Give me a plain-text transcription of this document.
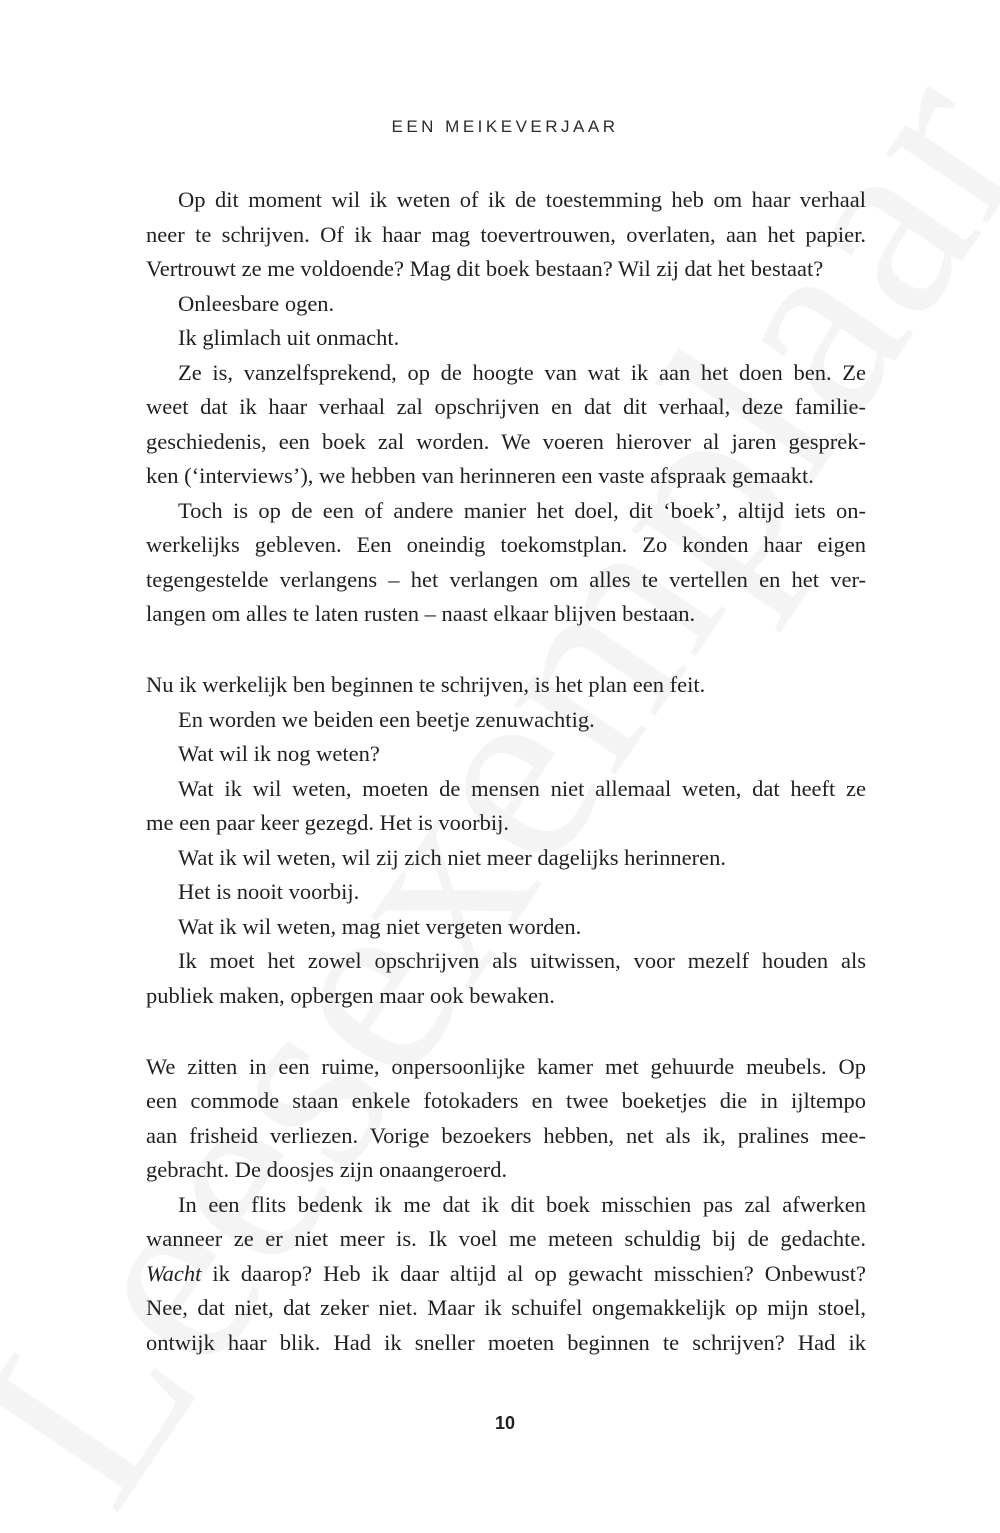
EEN MEIKEVERJAAR
Op dit moment wil ik weten of ik de toestemming heb om haar verhaal
neer te schrijven. Of ik haar mag toevertrouwen, overlaten, aan het papier.
Vertrouwt ze me voldoende? Mag dit boek bestaan? Wil zij dat het bestaat?
Onleesbare ogen.
Ik glimlach uit onmacht.
Ze is, vanzelfsprekend, op de hoogte van wat ik aan het doen ben. Ze
weet dat ik haar verhaal zal opschrijven en dat dit verhaal, deze familie-
geschiedenis, een boek zal worden. We voeren hierover al jaren gesprek-
ken (‘interviews’), we hebben van herinneren een vaste afspraak gemaakt.
Toch is op de een of andere manier het doel, dit ‘boek’, altijd iets on-
werkelijks gebleven. Een oneindig toekomstplan. Zo konden haar eigen
tegengestelde verlangens – het verlangen om alles te vertellen en het ver-
langen om alles te laten rusten – naast elkaar blijven bestaan.
Nu ik werkelijk ben beginnen te schrijven, is het plan een feit.
En worden we beiden een beetje zenuwachtig.
Wat wil ik nog weten?
Wat ik wil weten, moeten de mensen niet allemaal weten, dat heeft ze
me een paar keer gezegd. Het is voorbij.
Wat ik wil weten, wil zij zich niet meer dagelijks herinneren.
Het is nooit voorbij.
Wat ik wil weten, mag niet vergeten worden.
Ik moet het zowel opschrijven als uitwissen, voor mezelf houden als
publiek maken, opbergen maar ook bewaken.
We zitten in een ruime, onpersoonlijke kamer met gehuurde meubels. Op
een commode staan enkele fotokaders en twee boeketjes die in ijltempo
aan frisheid verliezen. Vorige bezoekers hebben, net als ik, pralines mee-
gebracht. De doosjes zijn onaangeroerd.
In een flits bedenk ik me dat ik dit boek misschien pas zal afwerken
wanneer ze er niet meer is. Ik voel me meteen schuldig bij de gedachte.
Wacht ik daarop? Heb ik daar altijd al op gewacht misschien? Onbewust?
Nee, dat niet, dat zeker niet. Maar ik schuifel ongemakkelijk op mijn stoel,
ontwijk haar blik. Had ik sneller moeten beginnen te schrijven? Had ik
10
